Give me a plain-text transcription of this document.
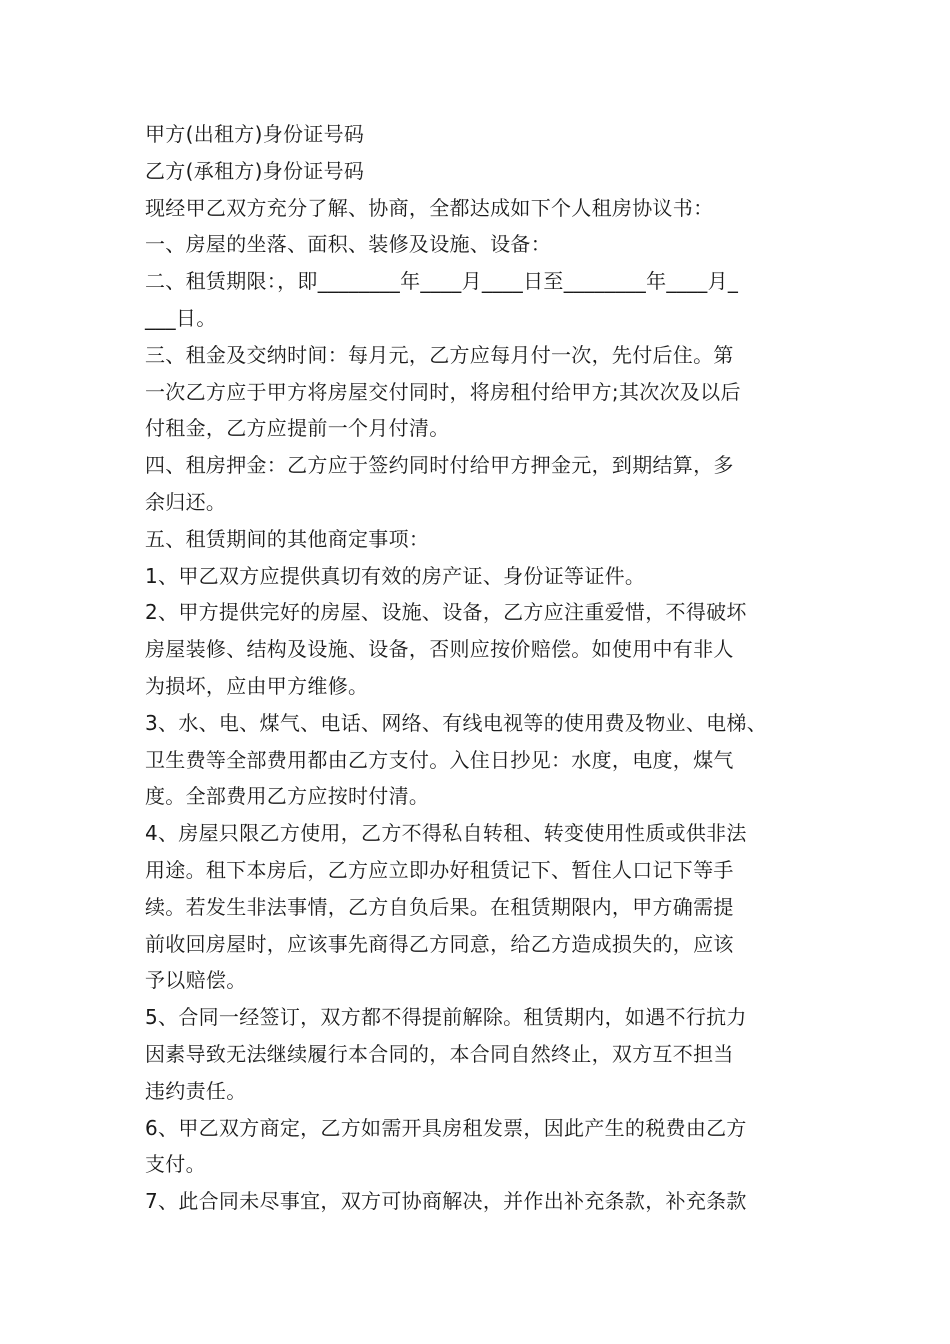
甲方(出租方)身份证号码
乙方(承租方)身份证号码
现经甲乙双方充分了解、协商，全都达成如下个人租房协议书：
一、房屋的坐落、面积、装修及设施、设备：
二、租赁期限：，即________年____月____日至________年____月_
___日。
三、租金及交纳时间：每月元，乙方应每月付一次，先付后住。第
一次乙方应于甲方将房屋交付同时，将房租付给甲方;其次次及以后
付租金，乙方应提前一个月付清。
四、租房押金：乙方应于签约同时付给甲方押金元，到期结算，多
余归还。
五、租赁期间的其他商定事项：
1、甲乙双方应提供真切有效的房产证、身份证等证件。
2、甲方提供完好的房屋、设施、设备，乙方应注重爱惜，不得破坏
房屋装修、结构及设施、设备，否则应按价赔偿。如使用中有非人
为损坏，应由甲方维修。
3、水、电、煤气、电话、网络、有线电视等的使用费及物业、电梯、
卫生费等全部费用都由乙方支付。入住日抄见：水度，电度，煤气
度。全部费用乙方应按时付清。
4、房屋只限乙方使用，乙方不得私自转租、转变使用性质或供非法
用途。租下本房后，乙方应立即办好租赁记下、暂住人口记下等手
续。若发生非法事情，乙方自负后果。在租赁期限内，甲方确需提
前收回房屋时，应该事先商得乙方同意，给乙方造成损失的，应该
予以赔偿。
5、合同一经签订，双方都不得提前解除。租赁期内，如遇不行抗力
因素导致无法继续履行本合同的，本合同自然终止，双方互不担当
违约责任。
6、甲乙双方商定，乙方如需开具房租发票，因此产生的税费由乙方
支付。
7、此合同未尽事宜，双方可协商解决，并作出补充条款，补充条款
